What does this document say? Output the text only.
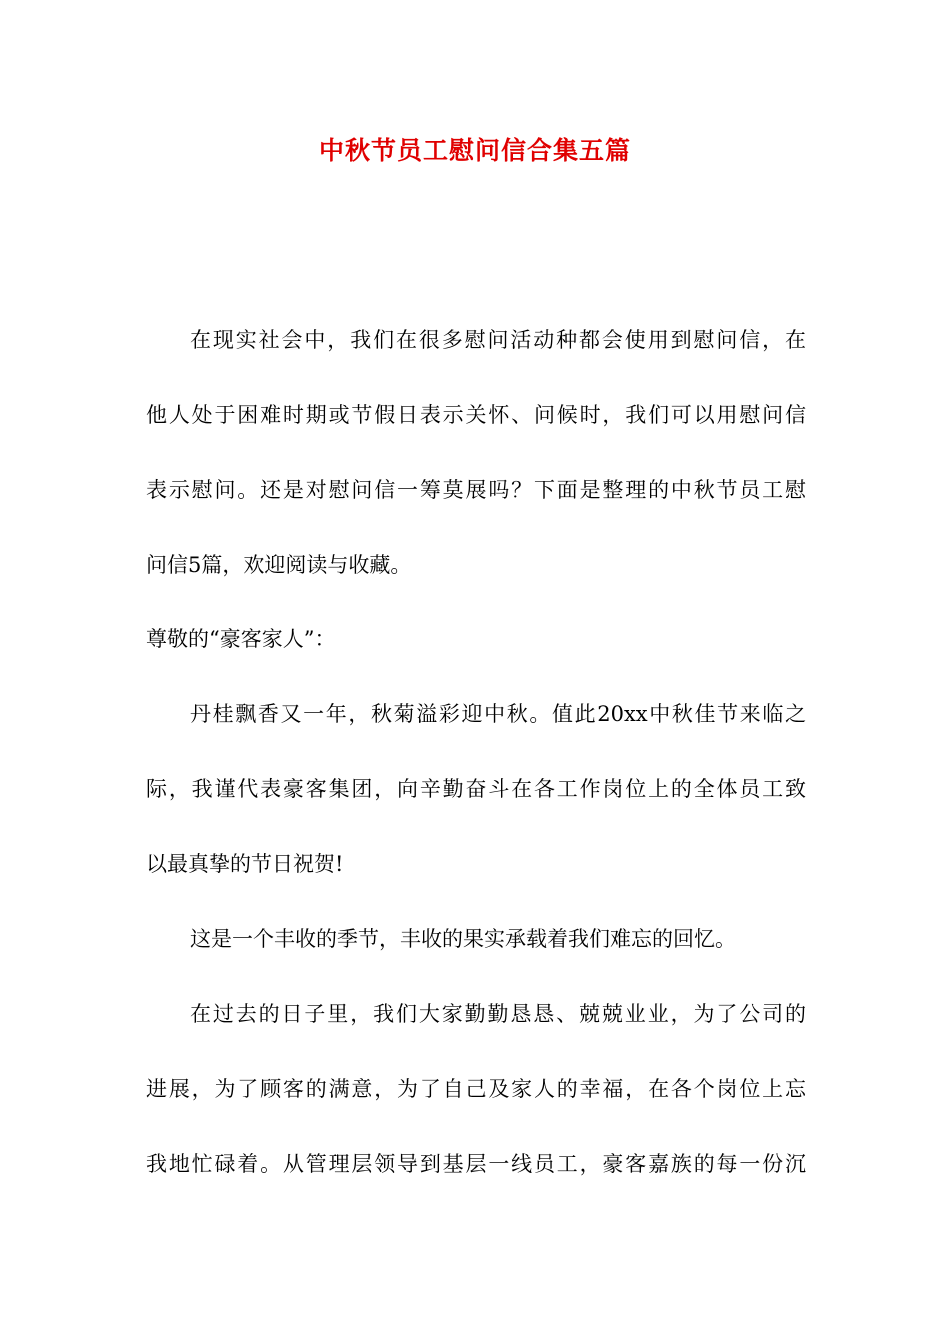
中秋节员工慰问信合集五篇
在现实社会中，我们在很多慰问活动种都会使用到慰问信，在
他人处于困难时期或节假日表示关怀、问候时，我们可以用慰问信
表示慰问。还是对慰问信一筹莫展吗？下面是整理的中秋节员工慰
问信5篇，欢迎阅读与收藏。
尊敬的“豪客家人”：
丹桂飘香又一年，秋菊溢彩迎中秋。值此20xx中秋佳节来临之
际，我谨代表豪客集团，向辛勤奋斗在各工作岗位上的全体员工致
以最真挚的节日祝贺!
这是一个丰收的季节，丰收的果实承载着我们难忘的回忆。
在过去的日子里，我们大家勤勤恳恳、兢兢业业，为了公司的
进展，为了顾客的满意，为了自己及家人的幸福，在各个岗位上忘
我地忙碌着。从管理层领导到基层一线员工，豪客嘉族的每一份沉
